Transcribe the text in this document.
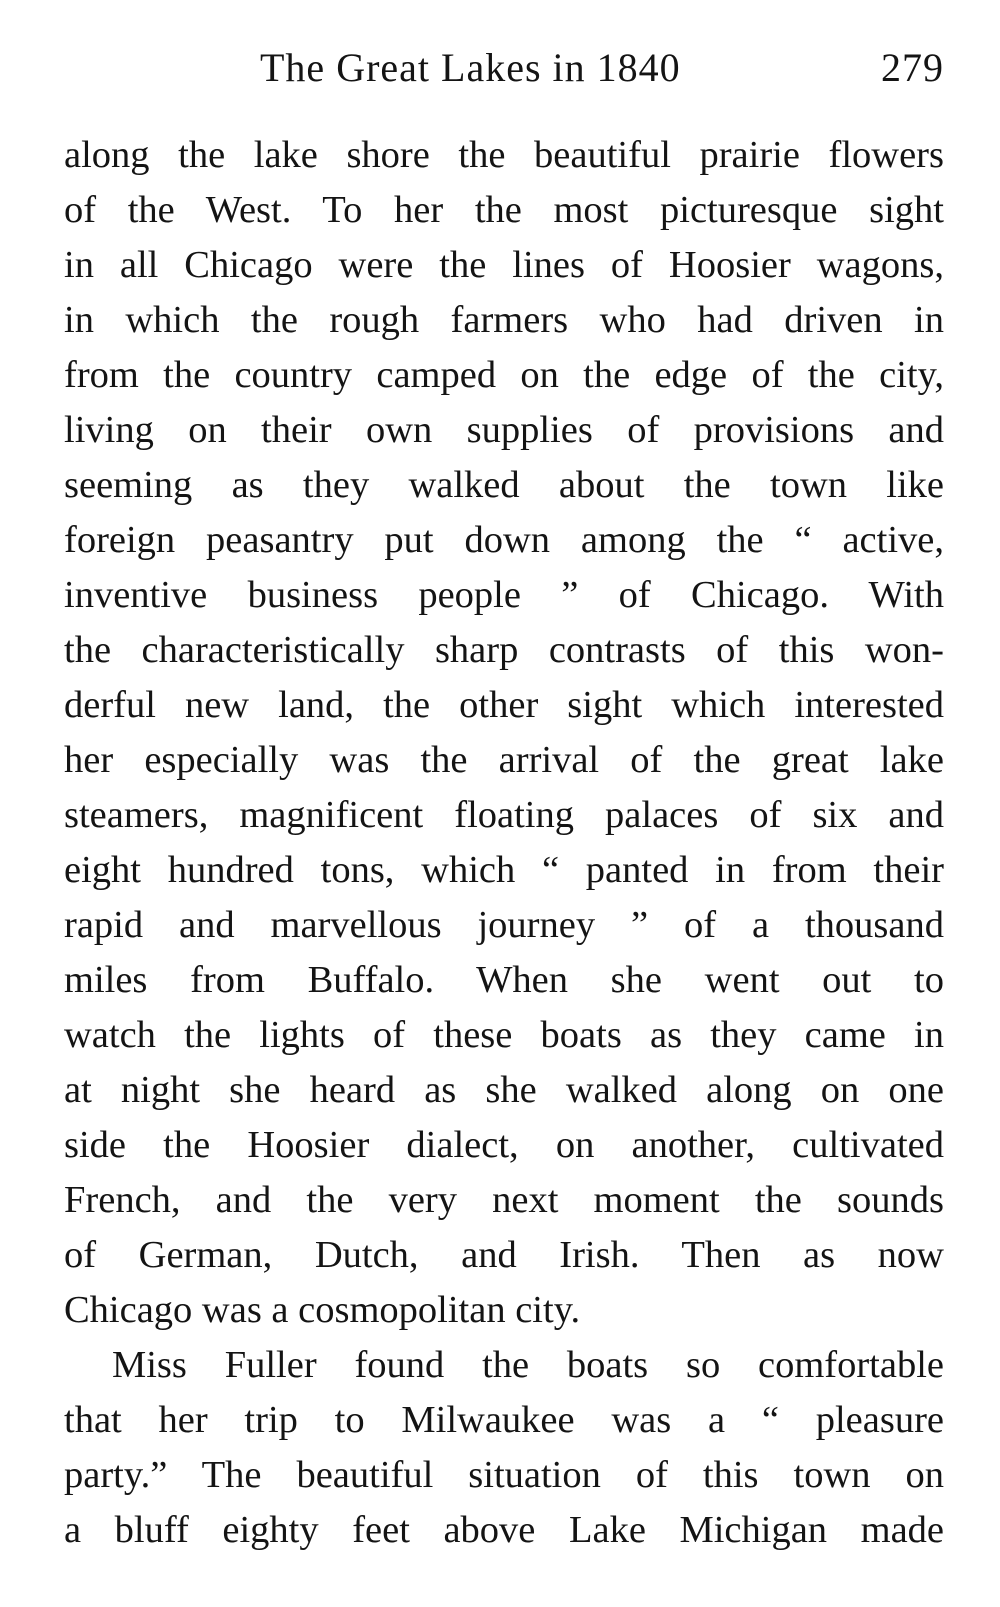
The Great Lakes in 1840	279
along the lake shore the beautiful prairie flowers
of the West. To her the most picturesque sight
in all Chicago were the lines of Hoosier wagons,
in which the rough farmers who had driven in
from the country camped on the edge of the city,
living on their own supplies of provisions and
seeming as they walked about the town like
foreign peasantry put down among the “ active,
inventive business people ” of Chicago. With
the characteristically sharp contrasts of this won-
derful new land, the other sight which interested
her especially was the arrival of the great lake
steamers, magnificent floating palaces of six and
eight hundred tons, which “ panted in from their
rapid and marvellous journey ” of a thousand
miles from Buffalo. When she went out to
watch the lights of these boats as they came in
at night she heard as she walked along on one
side the Hoosier dialect, on another, cultivated
French, and the very next moment the sounds
of German, Dutch, and Irish. Then as now
Chicago was a cosmopolitan city.
Miss Fuller found the boats so comfortable
that her trip to Milwaukee was a “ pleasure
party.” The beautiful situation of this town on
a bluff eighty feet above Lake Michigan made
